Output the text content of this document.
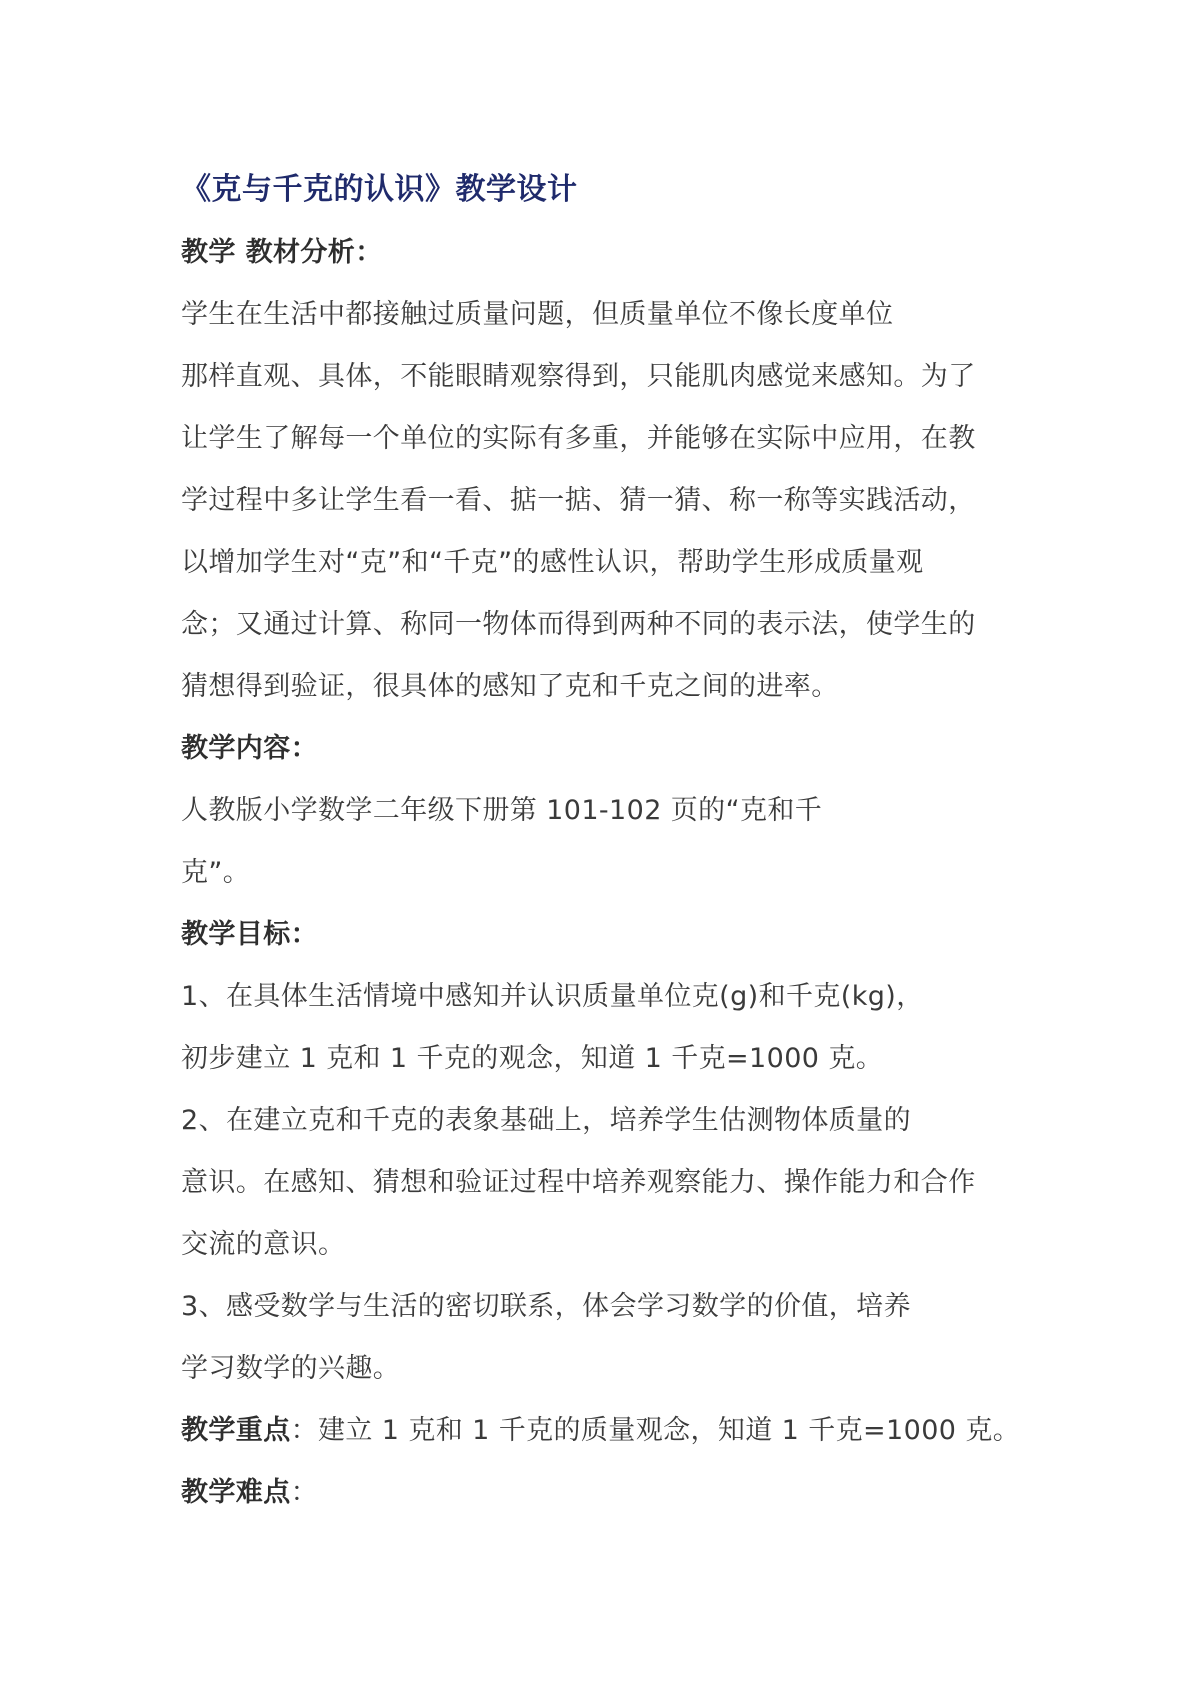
《克与千克的认识》教学设计
教学 教材分析：
学生在生活中都接触过质量问题，但质量单位不像长度单位
那样直观、具体，不能眼睛观察得到，只能肌肉感觉来感知。为了
让学生了解每一个单位的实际有多重，并能够在实际中应用，在教
学过程中多让学生看一看、掂一掂、猜一猜、称一称等实践活动，
以增加学生对“克”和“千克”的感性认识，帮助学生形成质量观
念；又通过计算、称同一物体而得到两种不同的表示法，使学生的
猜想得到验证，很具体的感知了克和千克之间的进率。
教学内容：
人教版小学数学二年级下册第 101-102 页的“克和千
克”。
教学目标：
1、在具体生活情境中感知并认识质量单位克(g)和千克(kg)，
初步建立 1 克和 1 千克的观念，知道 1 千克=1000 克。
2、在建立克和千克的表象基础上，培养学生估测物体质量的
意识。在感知、猜想和验证过程中培养观察能力、操作能力和合作
交流的意识。
3、感受数学与生活的密切联系，体会学习数学的价值，培养
学习数学的兴趣。
教学重点：建立 1 克和 1 千克的质量观念，知道 1 千克=1000 克。
教学难点：
